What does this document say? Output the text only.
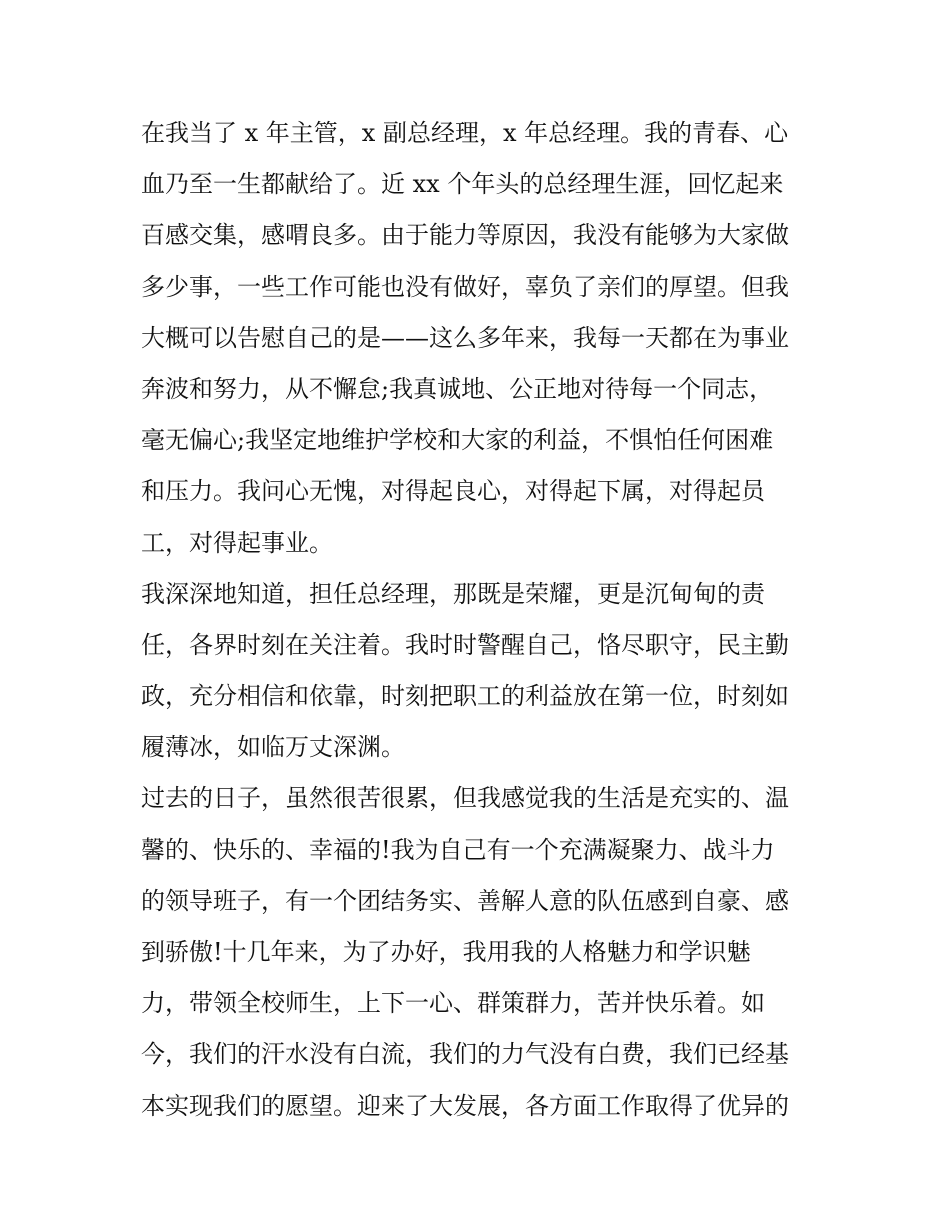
在我当了 x 年主管，x 副总经理，x 年总经理。我的青春、心
血乃至一生都献给了。近 xx 个年头的总经理生涯，回忆起来
百感交集，感喟良多。由于能力等原因，我没有能够为大家做
多少事，一些工作可能也没有做好，辜负了亲们的厚望。但我
大概可以告慰自己的是——这么多年来，我每一天都在为事业
奔波和努力，从不懈怠;我真诚地、公正地对待每一个同志，
毫无偏心;我坚定地维护学校和大家的利益，不惧怕任何困难
和压力。我问心无愧，对得起良心，对得起下属，对得起员
工，对得起事业。
我深深地知道，担任总经理，那既是荣耀，更是沉甸甸的责
任，各界时刻在关注着。我时时警醒自己，恪尽职守，民主勤
政，充分相信和依靠，时刻把职工的利益放在第一位，时刻如
履薄冰，如临万丈深渊。
过去的日子，虽然很苦很累，但我感觉我的生活是充实的、温
馨的、快乐的、幸福的!我为自己有一个充满凝聚力、战斗力
的领导班子，有一个团结务实、善解人意的队伍感到自豪、感
到骄傲!十几年来，为了办好，我用我的人格魅力和学识魅
力，带领全校师生，上下一心、群策群力，苦并快乐着。如
今，我们的汗水没有白流，我们的力气没有白费，我们已经基
本实现我们的愿望。迎来了大发展，各方面工作取得了优异的
